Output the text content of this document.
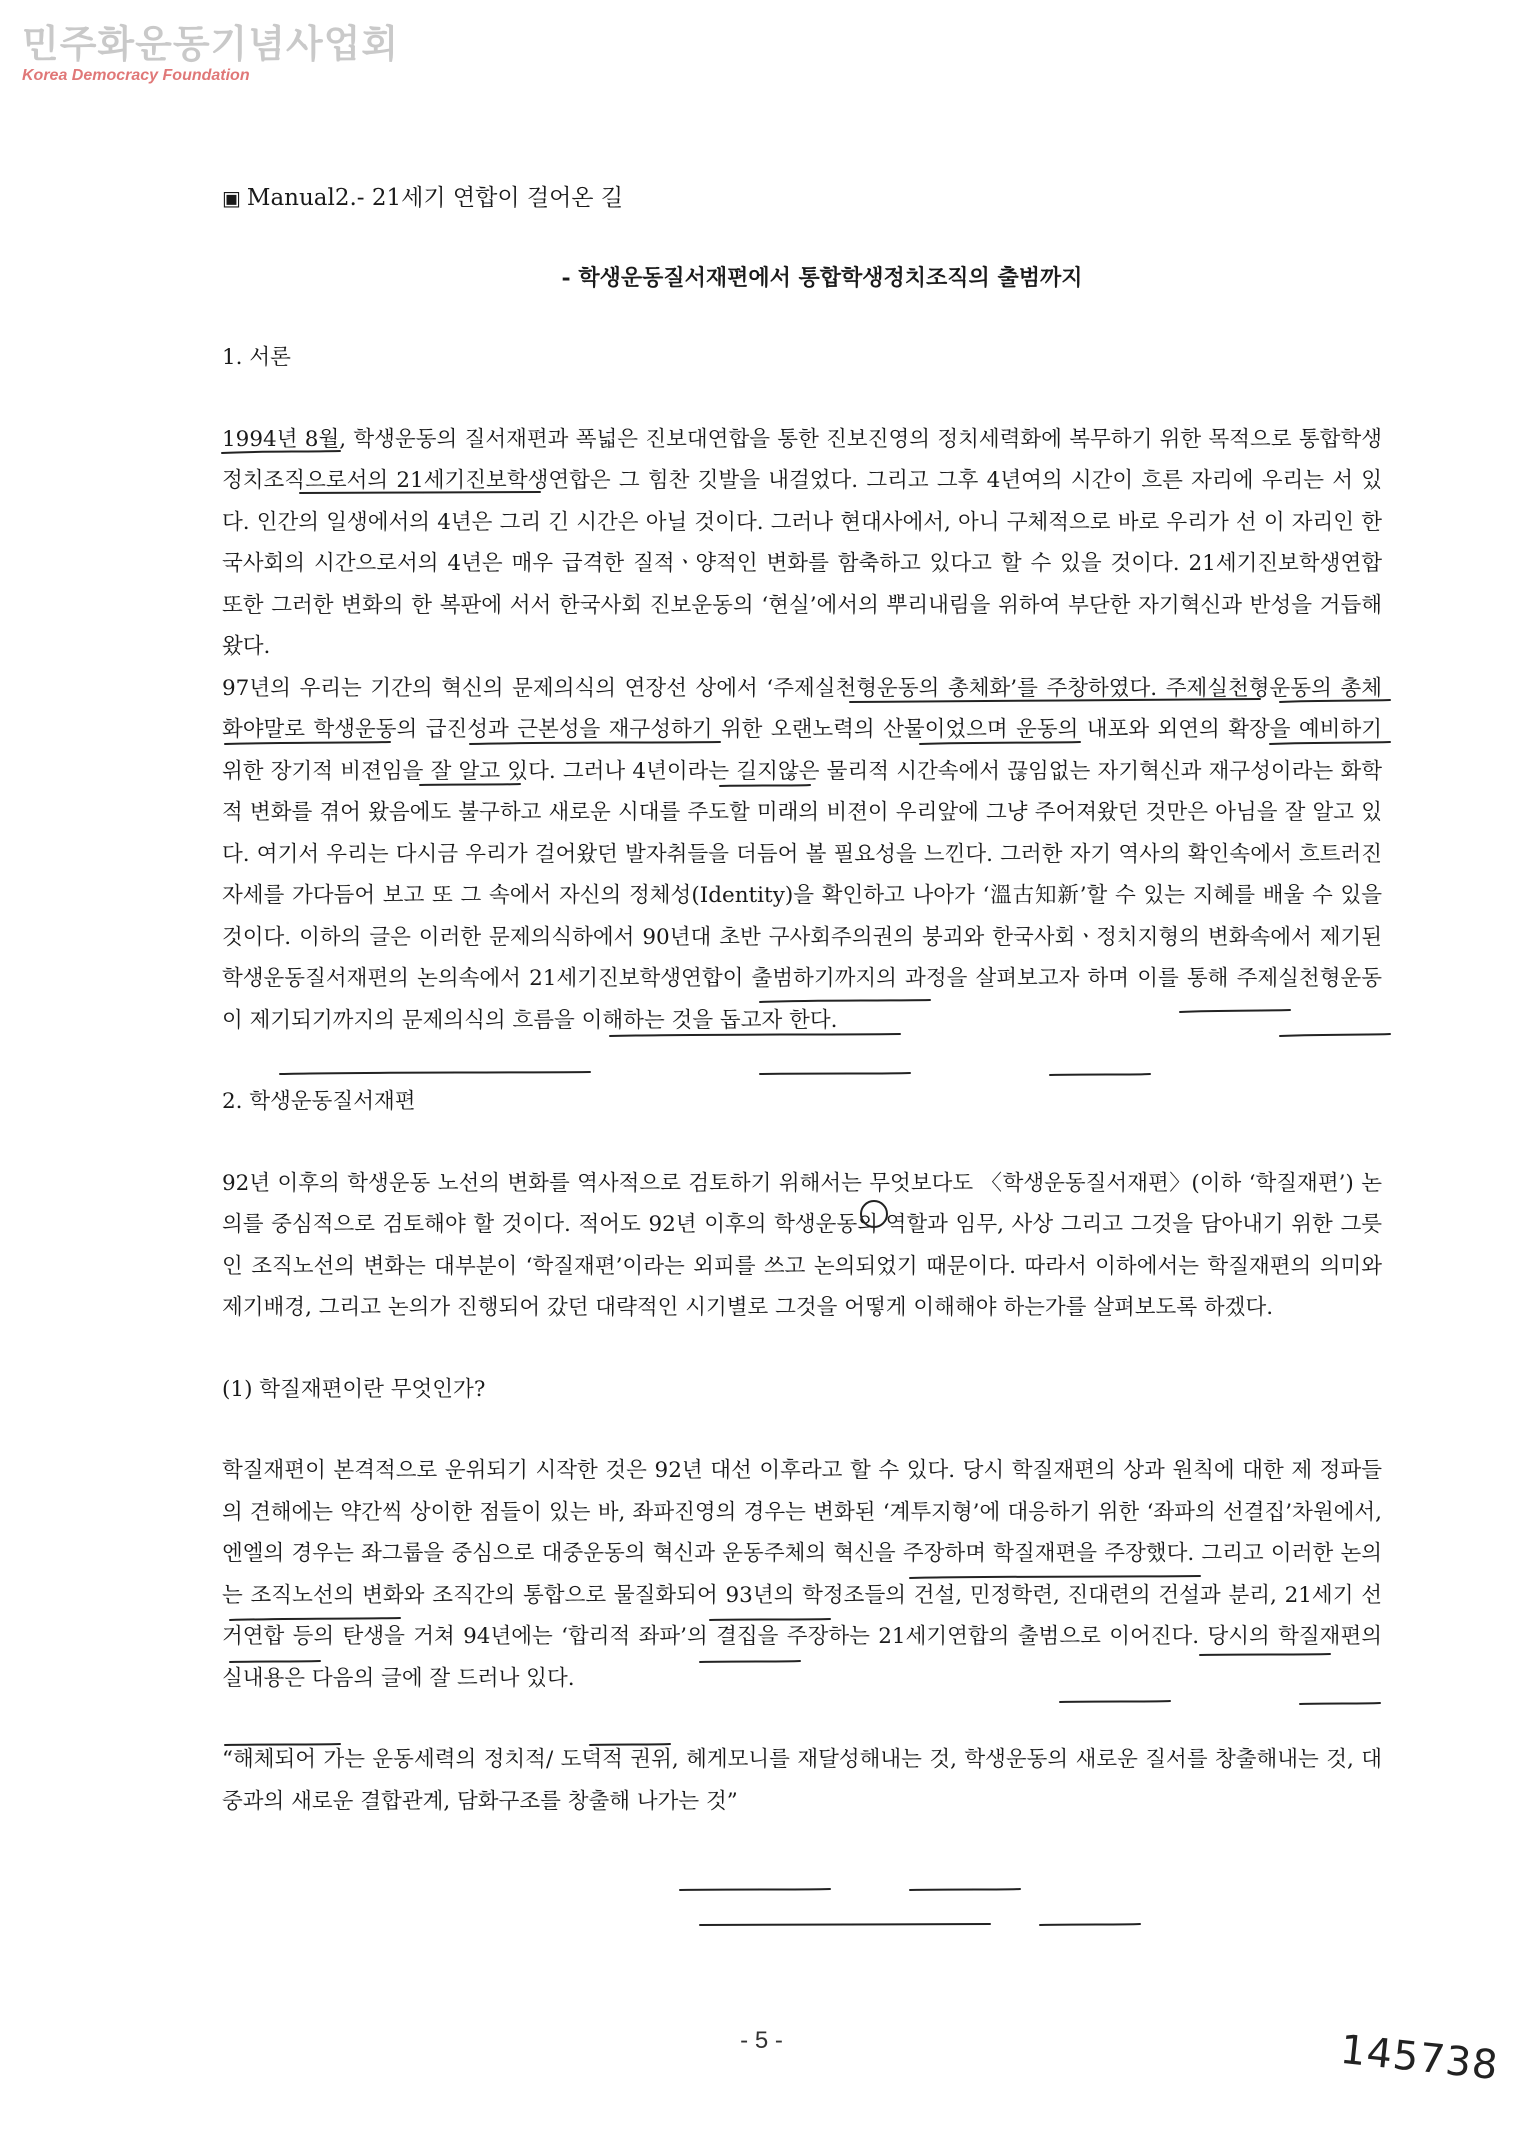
민주화운동기념사업회
Korea Democracy Foundation
▣ Manual2.- 21세기 연합이 걸어온 길
- 학생운동질서재편에서 통합학생정치조직의 출범까지
1. 서론

1994년 8월, 학생운동의 질서재편과 폭넓은 진보대연합을 통한 진보진영의 정치세력화에 복무하기 위한 목적으로 통합학생정치조직으로서의 21세기진보학생연합은 그 힘찬 깃발을 내걸었다. 그리고 그후 4년여의 시간이 흐른 자리에 우리는 서 있다. 인간의 일생에서의 4년은 그리 긴 시간은 아닐 것이다. 그러나 현대사에서, 아니 구체적으로 바로 우리가 선 이 자리인 한국사회의 시간으로서의 4년은 매우 급격한 질적ㆍ양적인 변화를 함축하고 있다고 할 수 있을 것이다. 21세기진보학생연합 또한 그러한 변화의 한 복판에 서서 한국사회 진보운동의 ‘현실’에서의 뿌리내림을 위하여 부단한 자기혁신과 반성을 거듭해왔다.

97년의 우리는 기간의 혁신의 문제의식의 연장선 상에서 ‘주제실천형운동의 총체화’를 주창하였다. 주제실천형운동의 총체화야말로 학생운동의 급진성과 근본성을 재구성하기 위한 오랜노력의 산물이었으며 운동의 내포와 외연의 확장을 예비하기 위한 장기적 비젼임을 잘 알고 있다. 그러나 4년이라는 길지않은 물리적 시간속에서 끊임없는 자기혁신과 재구성이라는 화학적 변화를 겪어 왔음에도 불구하고 새로운 시대를 주도할 미래의 비젼이 우리앞에 그냥 주어져왔던 것만은 아님을 잘 알고 있다. 여기서 우리는 다시금 우리가 걸어왔던 발자취들을 더듬어 볼 필요성을 느낀다. 그러한 자기 역사의 확인속에서 흐트러진 자세를 가다듬어 보고 또 그 속에서 자신의 정체성(Identity)을 확인하고 나아가 ‘溫古知新’할 수 있는 지혜를 배울 수 있을 것이다. 이하의 글은 이러한 문제의식하에서 90년대 초반 구사회주의권의 붕괴와 한국사회ㆍ정치지형의 변화속에서 제기된 학생운동질서재편의 논의속에서 21세기진보학생연합이 출범하기까지의 과정을 살펴보고자 하며 이를 통해 주제실천형운동이 제기되기까지의 문제의식의 흐름을 이해하는 것을 돕고자 한다.

2. 학생운동질서재편
92년 이후의 학생운동 노선의 변화를 역사적으로 검토하기 위해서는 무엇보다도 〈학생운동질서재편〉(이하 ‘학질재편’) 논의를 중심적으로 검토해야 할 것이다. 적어도 92년 이후의 학생운동의 역할과 임무, 사상 그리고 그것을 담아내기 위한 그릇인 조직노선의 변화는 대부분이 ‘학질재편’이라는 외피를 쓰고 논의되었기 때문이다. 따라서 이하에서는 학질재편의 의미와 제기배경, 그리고 논의가 진행되어 갔던 대략적인 시기별로 그것을 어떻게 이해해야 하는가를 살펴보도록 하겠다.
(1) 학질재편이란 무엇인가?
학질재편이 본격적으로 운위되기 시작한 것은 92년 대선 이후라고 할 수 있다. 당시 학질재편의 상과 원칙에 대한 제 정파들의 견해에는 약간씩 상이한 점들이 있는 바, 좌파진영의 경우는 변화된 ‘계투지형’에 대응하기 위한 ‘좌파의 선결집’차원에서, 엔엘의 경우는 좌그룹을 중심으로 대중운동의 혁신과 운동주체의 혁신을 주장하며 학질재편을 주장했다. 그리고 이러한 논의는 조직노선의 변화와 조직간의 통합으로 물질화되어 93년의 학정조들의 건설, 민정학련, 진대련의 건설과 분리, 21세기 선거연합 등의 탄생을 거쳐 94년에는 ‘합리적 좌파’의 결집을 주장하는 21세기연합의 출범으로 이어진다. 당시의 학질재편의 실내용은 다음의 글에 잘 드러나 있다.
“해체되어 가는 운동세력의 정치적/ 도덕적 권위, 헤게모니를 재달성해내는 것, 학생운동의 새로운 질서를 창출해내는 것, 대중과의 새로운 결합관계, 담화구조를 창출해 나가는 것”
- 5 -	145738
